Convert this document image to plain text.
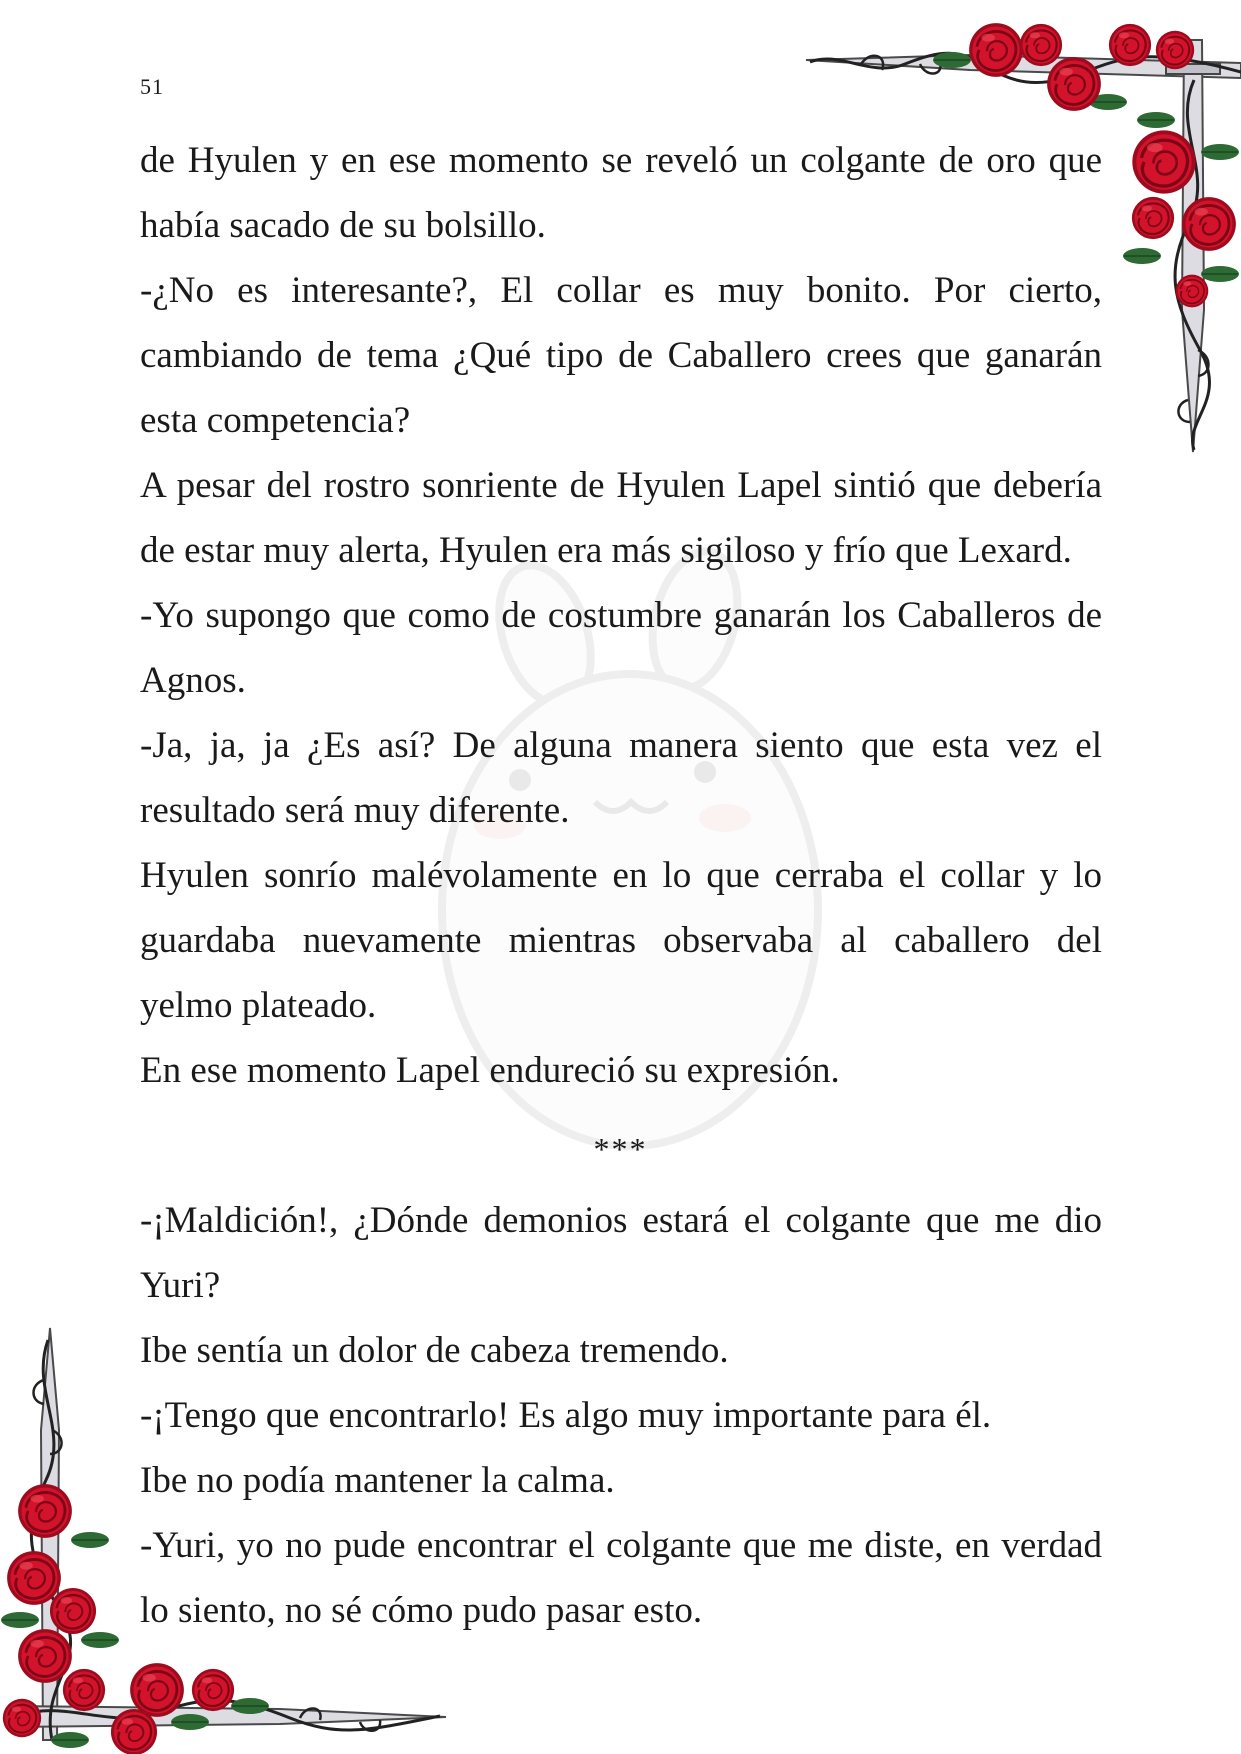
51
de Hyulen y en ese momento se reveló un colgante de oro que
había sacado de su bolsillo.
-¿No es interesante?, El collar es muy bonito. Por cierto,
cambiando de tema ¿Qué tipo de Caballero crees que ganarán
esta competencia?
A pesar del rostro sonriente de Hyulen Lapel sintió que debería
de estar muy alerta, Hyulen era más sigiloso y frío que Lexard.
-Yo supongo que como de costumbre ganarán los Caballeros de
Agnos.
-Ja, ja, ja ¿Es así? De alguna manera siento que esta vez el
resultado será muy diferente.
Hyulen sonrío malévolamente en lo que cerraba el collar y lo
guardaba nuevamente mientras observaba al caballero del
yelmo plateado.
En ese momento Lapel endureció su expresión.
***
-¡Maldición!, ¿Dónde demonios estará el colgante que me dio
Yuri?
Ibe sentía un dolor de cabeza tremendo.
-¡Tengo que encontrarlo! Es algo muy importante para él.
Ibe no podía mantener la calma.
-Yuri, yo no pude encontrar el colgante que me diste, en verdad
lo siento, no sé cómo pudo pasar esto.
